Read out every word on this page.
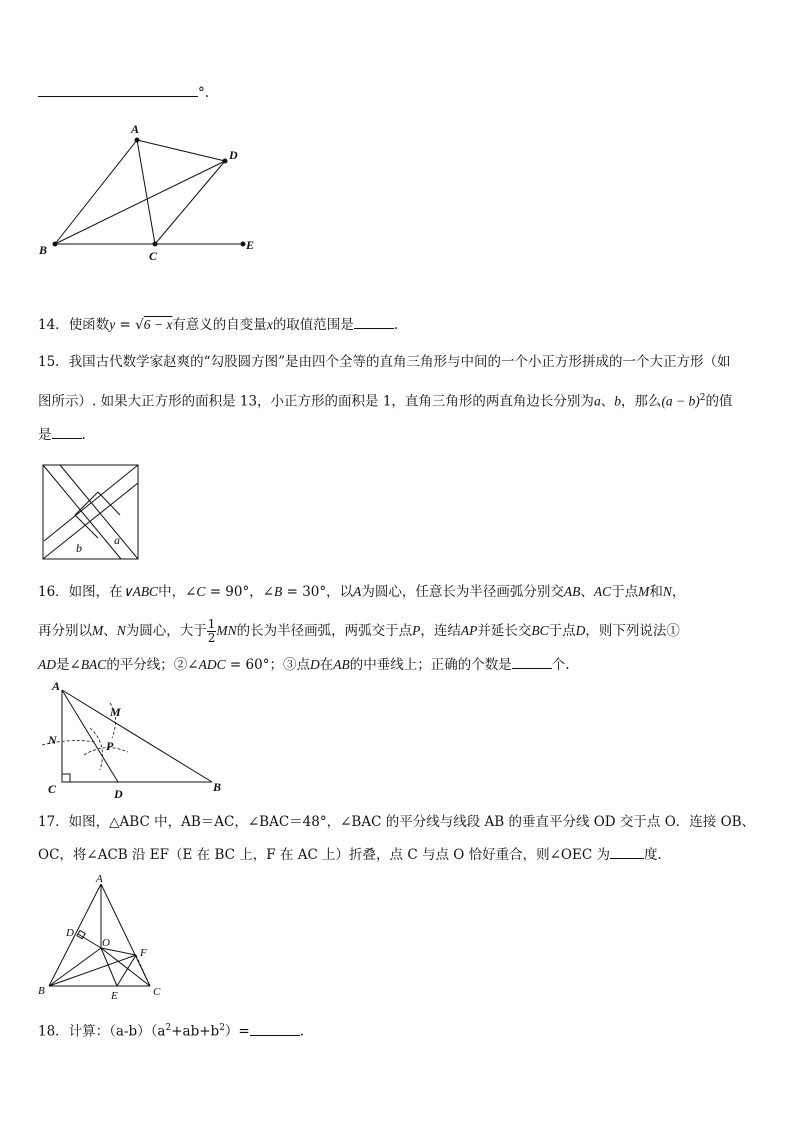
°.
A
D
B	C
E
14．使函数y = √6 − x有意义的自变量x的取值范围是	.
15．我国古代数学家赵爽的“勾股圆方图”是由四个全等的直角三角形与中间的一个小正方形拼成的一个大正方形（如
图所示）. 如果大正方形的面积是 13，小正方形的面积是 1，直角三角形的两直角边长分别为a、b，那么$(a - b)^2$的值
是 .
b
a
16．如图，在∨ABC中，∠C = 90°，∠B = 30°，以A为圆心，任意长为半径画弧分别交AB、AC于点M和N，
再分别以M、N为圆心，大于 $\frac{1}{2}$ MN的长为半径画弧，两弧交于点P，连结AP并延长交BC于点D，则下列说法①
AD是∠BAC的平分线；②∠ADC = 60°；③点D在AB的中垂线上；正确的个数是	个.
A
M
N	P
C	D	B
17．如图，△ABC 中，AB＝AC，∠BAC＝48°，∠BAC 的平分线与线段 AB 的垂直平分线 OD 交于点 O．连接 OB、
OC，将∠ACB 沿 EF（E 在 BC 上，F 在 AC 上）折叠，点 C 与点 O 恰好重合，则∠OEC 为	度.
A
D
O
F
B	E	C
18．计算：$(a-b)(a^2+ab+b^2)=$	.
